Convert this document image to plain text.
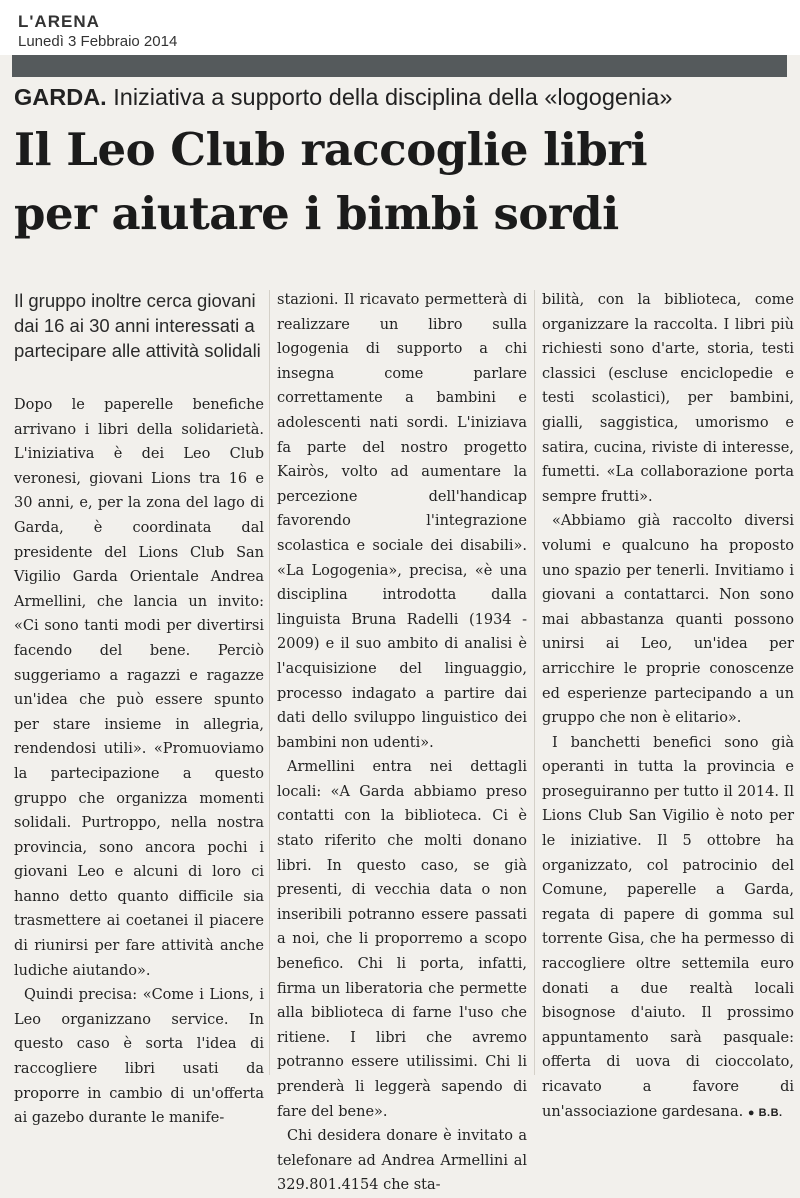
L'ARENA
Lunedì 3 Febbraio 2014
GARDA. Iniziativa a supporto della disciplina della «logogenia»
Il Leo Club raccoglie libri
per aiutare i bimbi sordi
Il gruppo inoltre cerca giovani dai 16 ai 30 anni interessati a partecipare alle attività solidali

Dopo le paperelle benefiche arrivano i libri della solidarietà. L'iniziativa è dei Leo Club veronesi, giovani Lions tra 16 e 30 anni, e, per la zona del lago di Garda, è coordinata dal presidente del Lions Club San Vigilio Garda Orientale Andrea Armellini, che lancia un invito: «Ci sono tanti modi per divertirsi facendo del bene. Perciò suggeriamo a ragazzi e ragazze un'idea che può essere spunto per stare insieme in allegria, rendendosi utili». «Promuoviamo la partecipazione a questo gruppo che organizza momenti solidali. Purtroppo, nella nostra provincia, sono ancora pochi i giovani Leo e alcuni di loro ci hanno detto quanto difficile sia trasmettere ai coetanei il piacere di riunirsi per fare attività anche ludiche aiutando».

Quindi precisa: «Come i Lions, i Leo organizzano service. In questo caso è sorta l'idea di raccogliere libri usati da proporre in cambio di un'offerta ai gazebo durante le manife-

stazioni. Il ricavato permetterà di realizzare un libro sulla logogenia di supporto a chi insegna come parlare correttamente a bambini e adolescenti nati sordi. L'iniziava fa parte del nostro progetto Kairòs, volto ad aumentare la percezione dell'handicap favorendo l'integrazione scolastica e sociale dei disabili». «La Logogenia», precisa, «è una disciplina introdotta dalla linguista Bruna Radelli (1934 - 2009) e il suo ambito di analisi è l'acquisizione del linguaggio, processo indagato a partire dai dati dello sviluppo linguistico dei bambini non udenti».

Armellini entra nei dettagli locali: «A Garda abbiamo preso contatti con la biblioteca. Ci è stato riferito che molti donano libri. In questo caso, se già presenti, di vecchia data o non inseribili potranno essere passati a noi, che li proporremo a scopo benefico. Chi li porta, infatti, firma un liberatoria che permette alla biblioteca di farne l'uso che ritiene. I libri che avremo potranno essere utilissimi. Chi li prenderà li leggerà sapendo di fare del bene».

Chi desidera donare è invitato a telefonare ad Andrea Armellini al 329.801.4154 che sta-

bilità, con la biblioteca, come organizzare la raccolta. I libri più richiesti sono d'arte, storia, testi classici (escluse enciclopedie e testi scolastici), per bambini, gialli, saggistica, umorismo e satira, cucina, riviste di interesse, fumetti. «La collaborazione porta sempre frutti».

«Abbiamo già raccolto diversi volumi e qualcuno ha proposto uno spazio per tenerli. Invitiamo i giovani a contattarci. Non sono mai abbastanza quanti possono unirsi ai Leo, un'idea per arricchire le proprie conoscenze ed esperienze partecipando a un gruppo che non è elitario».

I banchetti benefici sono già operanti in tutta la provincia e proseguiranno per tutto il 2014. Il Lions Club San Vigilio è noto per le iniziative. Il 5 ottobre ha organizzato, col patrocinio del Comune, paperelle a Garda, regata di papere di gomma sul torrente Gisa, che ha permesso di raccogliere oltre settemila euro donati a due realtà locali bisognose d'aiuto. Il prossimo appuntamento sarà pasquale: offerta di uova di cioccolato, ricavato a favore di un'associazione gardesana. ● B.B.
